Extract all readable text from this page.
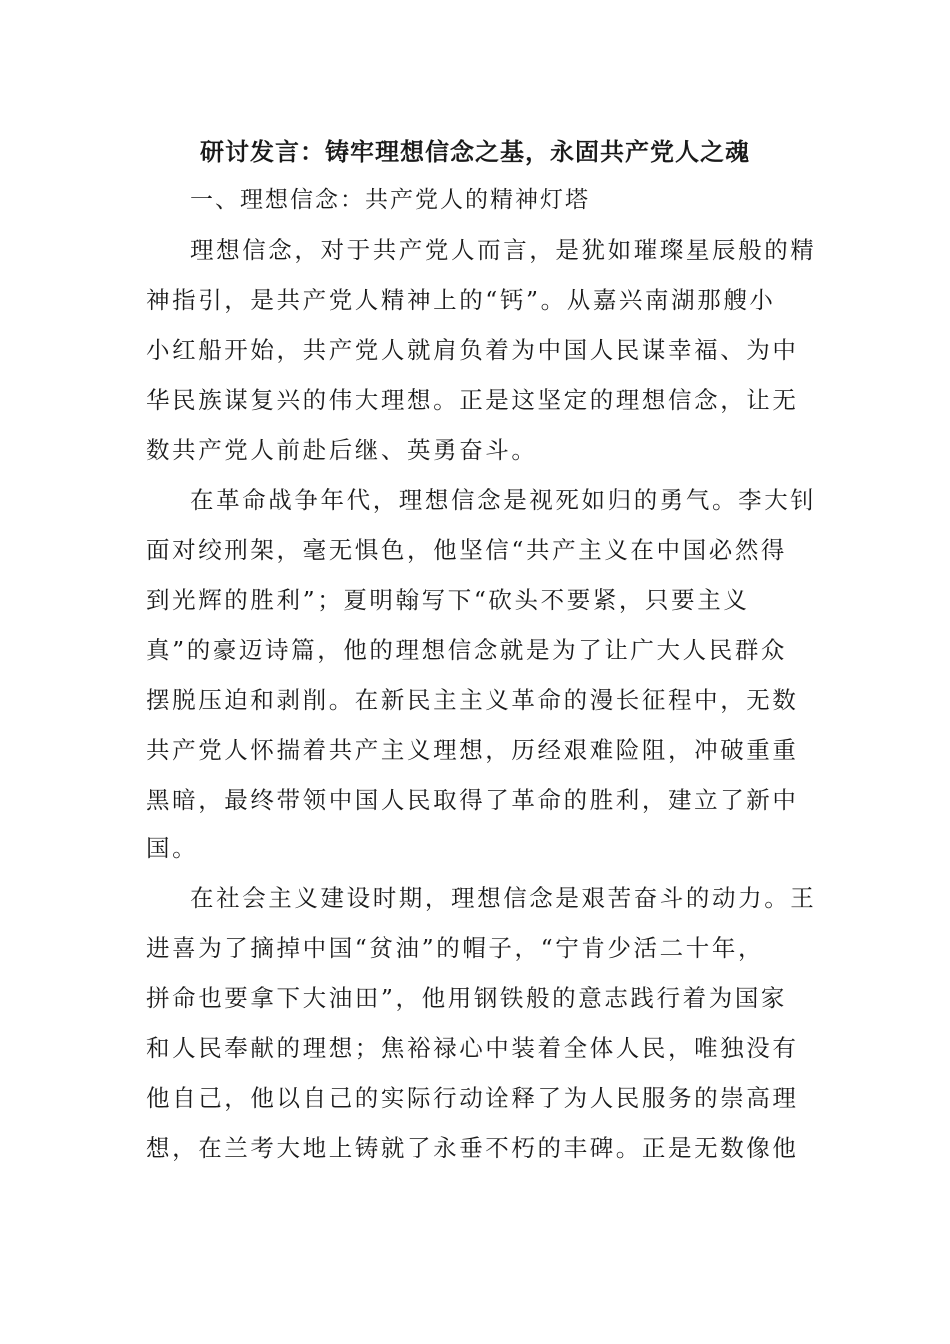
研讨发言：铸牢理想信念之基，永固共产党人之魂
一、理想信念：共产党人的精神灯塔
理想信念，对于共产党人而言，是犹如璀璨星辰般的精
神指引，是共产党人精神上的“钙”。从嘉兴南湖那艘小
小红船开始，共产党人就肩负着为中国人民谋幸福、为中
华民族谋复兴的伟大理想。正是这坚定的理想信念，让无
数共产党人前赴后继、英勇奋斗。
在革命战争年代，理想信念是视死如归的勇气。李大钊
面对绞刑架，毫无惧色，他坚信“共产主义在中国必然得
到光辉的胜利”；夏明翰写下“砍头不要紧，只要主义
真”的豪迈诗篇，他的理想信念就是为了让广大人民群众
摆脱压迫和剥削。在新民主主义革命的漫长征程中，无数
共产党人怀揣着共产主义理想，历经艰难险阻，冲破重重
黑暗，最终带领中国人民取得了革命的胜利，建立了新中
国。
在社会主义建设时期，理想信念是艰苦奋斗的动力。王
进喜为了摘掉中国“贫油”的帽子，“宁肯少活二十年，
拼命也要拿下大油田”，他用钢铁般的意志践行着为国家
和人民奉献的理想；焦裕禄心中装着全体人民，唯独没有
他自己，他以自己的实际行动诠释了为人民服务的崇高理
想，在兰考大地上铸就了永垂不朽的丰碑。正是无数像他
